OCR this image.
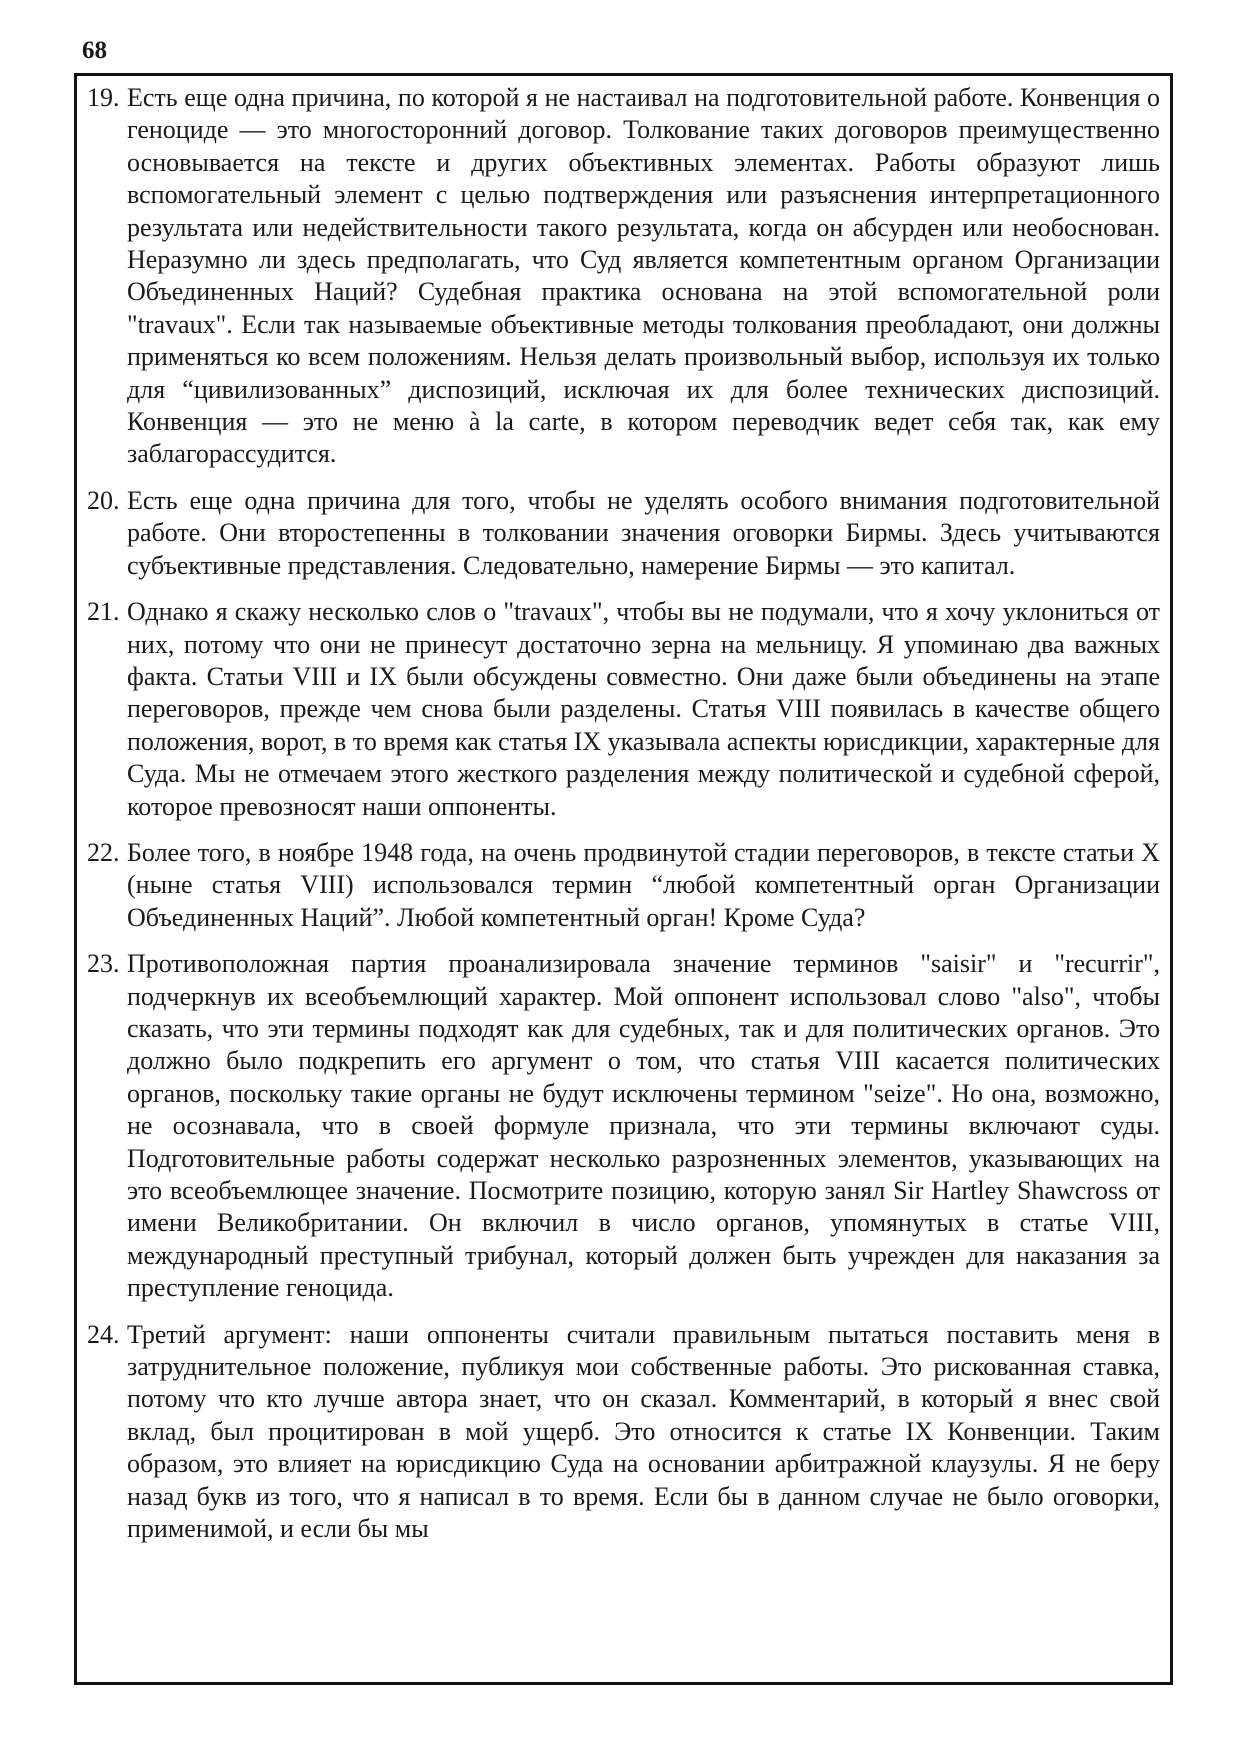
68
19. Есть еще одна причина, по которой я не настаивал на подготовительной работе. Конвенция о геноциде — это многосторонний договор. Толкование таких договоров преимущественно основывается на тексте и других объективных элементах. Работы образуют лишь вспомогательный элемент с целью подтверждения или разъяснения интерпретационного результата или недействительности такого результата, когда он абсурден или необоснован. Неразумно ли здесь предполагать, что Суд является компетентным органом Организации Объединенных Наций? Судебная практика основана на этой вспомогательной роли "travaux". Если так называемые объективные методы толкования преобладают, они должны применяться ко всем положениям. Нельзя делать произвольный выбор, используя их только для “цивилизованных” диспозиций, исключая их для более технических диспозиций. Конвенция — это не меню à la carte, в котором переводчик ведет себя так, как ему заблагорассудится.
20. Есть еще одна причина для того, чтобы не уделять особого внимания подготовительной работе. Они второстепенны в толковании значения оговорки Бирмы. Здесь учитываются субъективные представления. Следовательно, намерение Бирмы — это капитал.
21. Однако я скажу несколько слов о "travaux", чтобы вы не подумали, что я хочу уклониться от них, потому что они не принесут достаточно зерна на мельницу. Я упоминаю два важных факта. Статьи VIII и IX были обсуждены совместно. Они даже были объединены на этапе переговоров, прежде чем снова были разделены. Статья VIII появилась в качестве общего положения, ворот, в то время как статья IX указывала аспекты юрисдикции, характерные для Суда. Мы не отмечаем этого жесткого разделения между политической и судебной сферой, которое превозносят наши оппоненты.
22. Более того, в ноябре 1948 года, на очень продвинутой стадии переговоров, в тексте статьи X (ныне статья VIII) использовался термин “любой компетентный орган Организации Объединенных Наций”. Любой компетентный орган! Кроме Суда?
23. Противоположная партия проанализировала значение терминов "saisir" и "recurrir", подчеркнув их всеобъемлющий характер. Мой оппонент использовал слово "also", чтобы сказать, что эти термины подходят как для судебных, так и для политических органов. Это должно было подкрепить его аргумент о том, что статья VIII касается политических органов, поскольку такие органы не будут исключены термином "seize". Но она, возможно, не осознавала, что в своей формуле признала, что эти термины включают суды. Подготовительные работы содержат несколько разрозненных элементов, указывающих на это всеобъемлющее значение. Посмотрите позицию, которую занял Sir Hartley Shawcross от имени Великобритании. Он включил в число органов, упомянутых в статье VIII, международный преступный трибунал, который должен быть учрежден для наказания за преступление геноцида.
24. Третий аргумент: наши оппоненты считали правильным пытаться поставить меня в затруднительное положение, публикуя мои собственные работы. Это рискованная ставка, потому что кто лучше автора знает, что он сказал. Комментарий, в который я внес свой вклад, был процитирован в мой ущерб. Это относится к статье IX Конвенции. Таким образом, это влияет на юрисдикцию Суда на основании арбитражной клаузулы. Я не беру назад букв из того, что я написал в то время. Если бы в данном случае не было оговорки, применимой, и если бы мы
